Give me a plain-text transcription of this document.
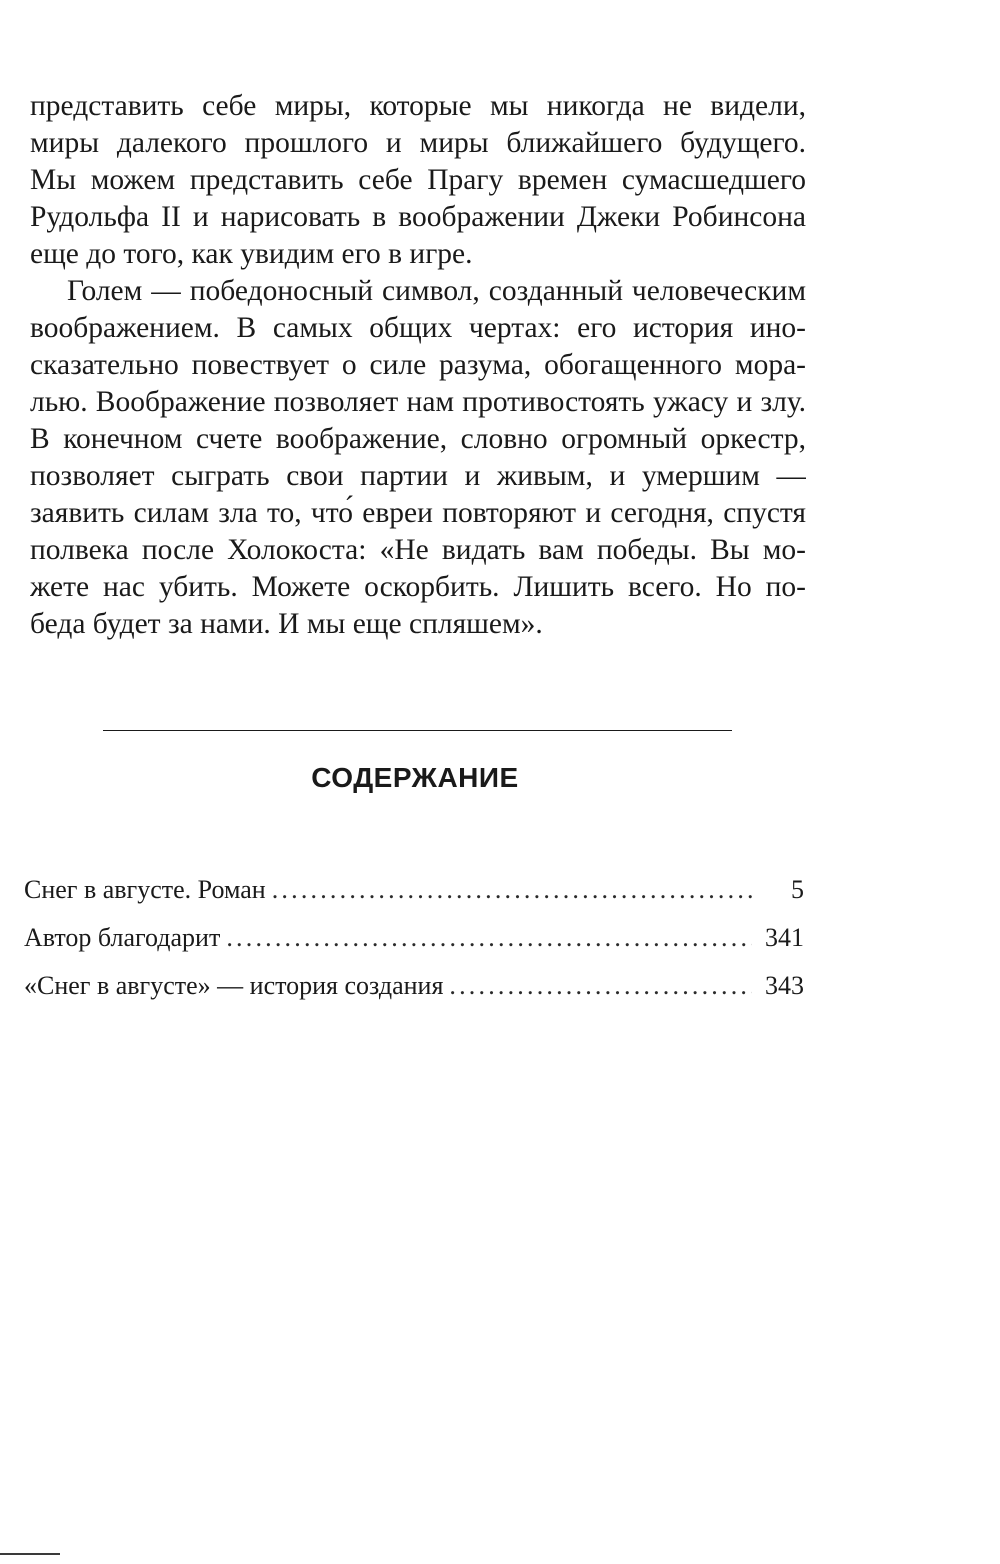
представить себе миры, которые мы никогда не видели,
миры далекого прошлого и миры ближайшего будущего.
Мы можем представить себе Прагу времен сумасшедшего
Рудольфа II и нарисовать в воображении Джеки Робинсона
еще до того, как увидим его в игре.
Голем — победоносный символ, созданный человеческим
воображением. В самых общих чертах: его история ино-
сказательно повествует о силе разума, обогащенного мора-
лью. Воображение позволяет нам противостоять ужасу и злу.
В конечном счете воображение, словно огромный оркестр,
позволяет сыграть свои партии и живым, и умершим —
заявить силам зла то, что́ евреи повторяют и сегодня, спустя
полвека после Холокоста: «Не видать вам победы. Вы мо-
жете нас убить. Можете оскорбить. Лишить всего. Но по-
беда будет за нами. И мы еще спляшем».
СОДЕРЖАНИЕ
Снег в августе. Роман .....	5
Автор благодарит .....	341
«Снег в августе» — история создания .....	343
